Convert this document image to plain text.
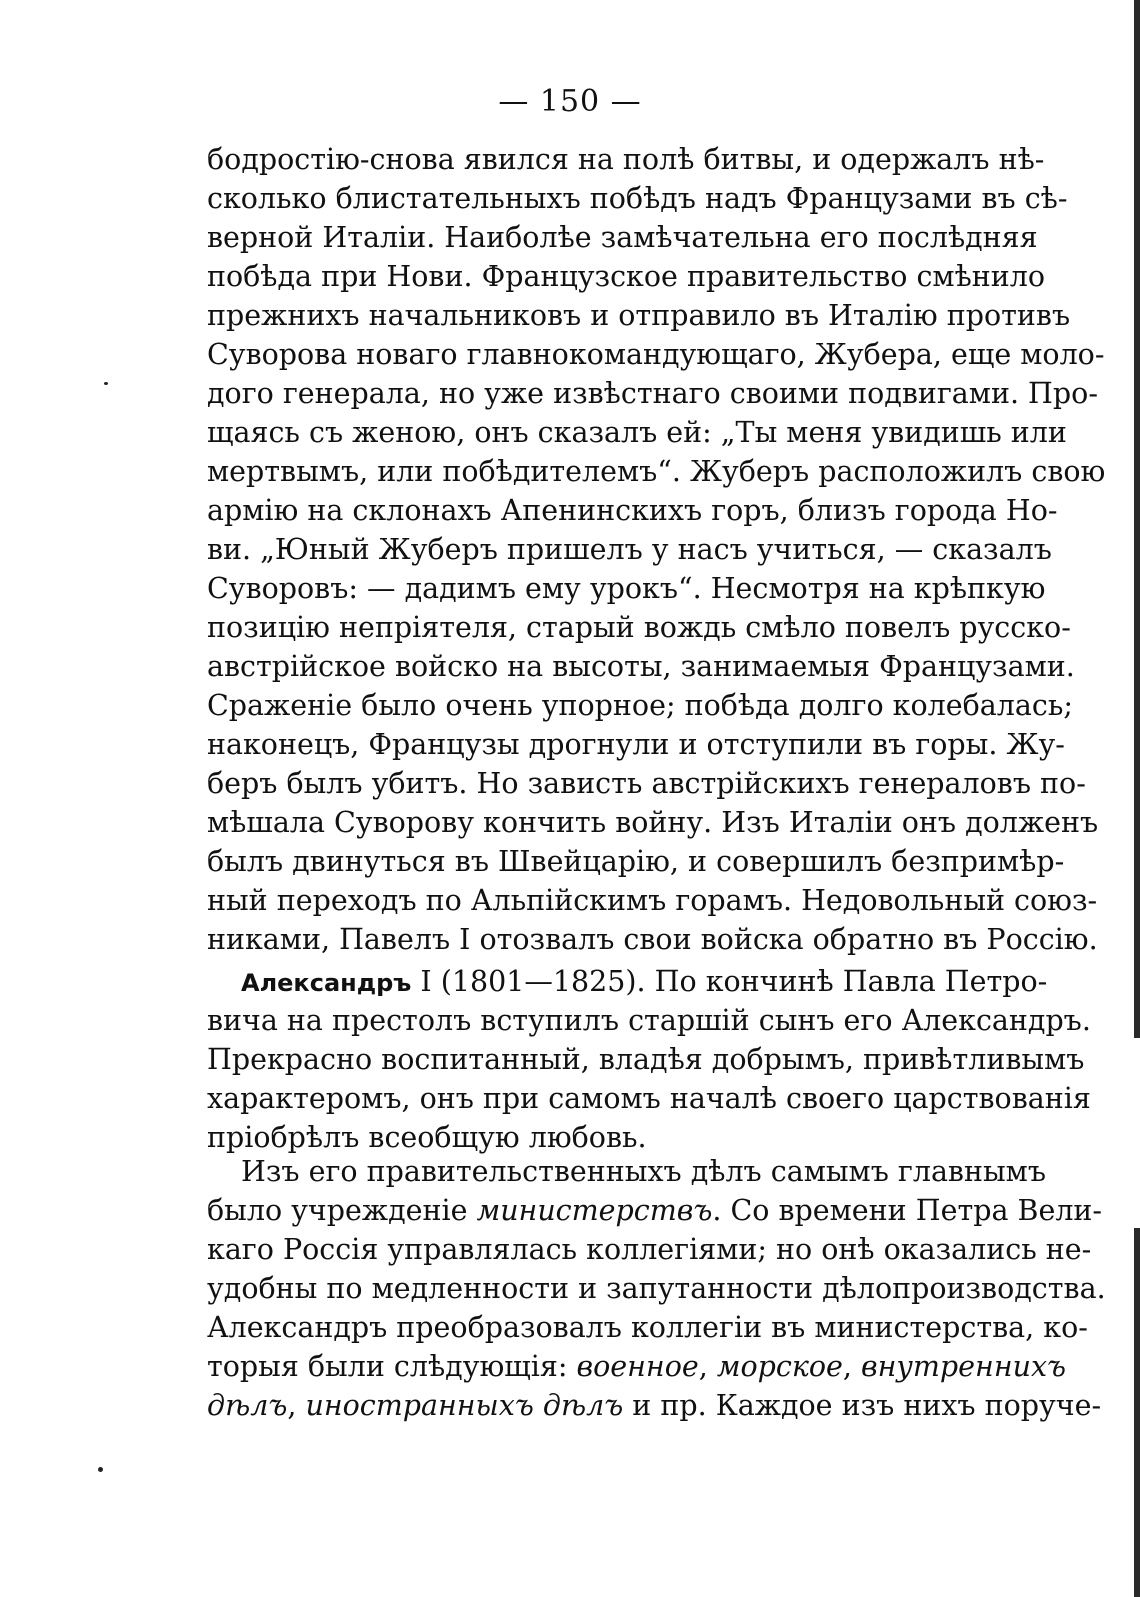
— 150 —
бодростію-снова явился на полѣ битвы, и одержалъ нѣ-
сколько блистательныхъ побѣдъ надъ Французами въ сѣ-
верной Италіи. Наиболѣе замѣчательна его послѣдняя
побѣда при Нови. Французское правительство смѣнило
прежнихъ начальниковъ и отправило въ Италію противъ
Суворова новаго главнокомандующаго, Жубера, еще моло-
дого генерала, но уже извѣстнаго своими подвигами. Про-
щаясь съ женою, онъ сказалъ ей: „Ты меня увидишь или
мертвымъ, или побѣдителемъ“. Жуберъ расположилъ свою
армію на склонахъ Апенинскихъ горъ, близъ города Но-
ви. „Юный Жуберъ пришелъ у насъ учиться, — сказалъ
Суворовъ: — дадимъ ему урокъ“. Несмотря на крѣпкую
позицію непріятеля, старый вождь смѣло повелъ русско-
австрійское войско на высоты, занимаемыя Французами.
Сраженіе было очень упорное; побѣда долго колебалась;
наконецъ, Французы дрогнули и отступили въ горы. Жу-
беръ былъ убитъ. Но зависть австрійскихъ генераловъ по-
мѣшала Суворову кончить войну. Изъ Италіи онъ долженъ
былъ двинуться въ Швейцарію, и совершилъ безпримѣр-
ный переходъ по Альпійскимъ горамъ. Недовольный союз-
никами, Павелъ I отозвалъ свои войска обратно въ Россію.
Александръ I (1801—1825). По кончинѣ Павла Петро-
вича на престолъ вступилъ старшій сынъ его Александръ.
Прекрасно воспитанный, владѣя добрымъ, привѣтливымъ
характеромъ, онъ при самомъ началѣ своего царствованія
пріобрѣлъ всеобщую любовь.
Изъ его правительственныхъ дѣлъ самымъ главнымъ
было учрежденіе министерствъ. Со времени Петра Вели-
каго Россія управлялась коллегіями; но онѣ оказались не-
удобны по медленности и запутанности дѣлопроизводства.
Александръ преобразовалъ коллегіи въ министерства, ко-
торыя были слѣдующія: военное, морское, внутреннихъ
дѣлъ, иностранныхъ дѣлъ и пр. Каждое изъ нихъ поруче-
